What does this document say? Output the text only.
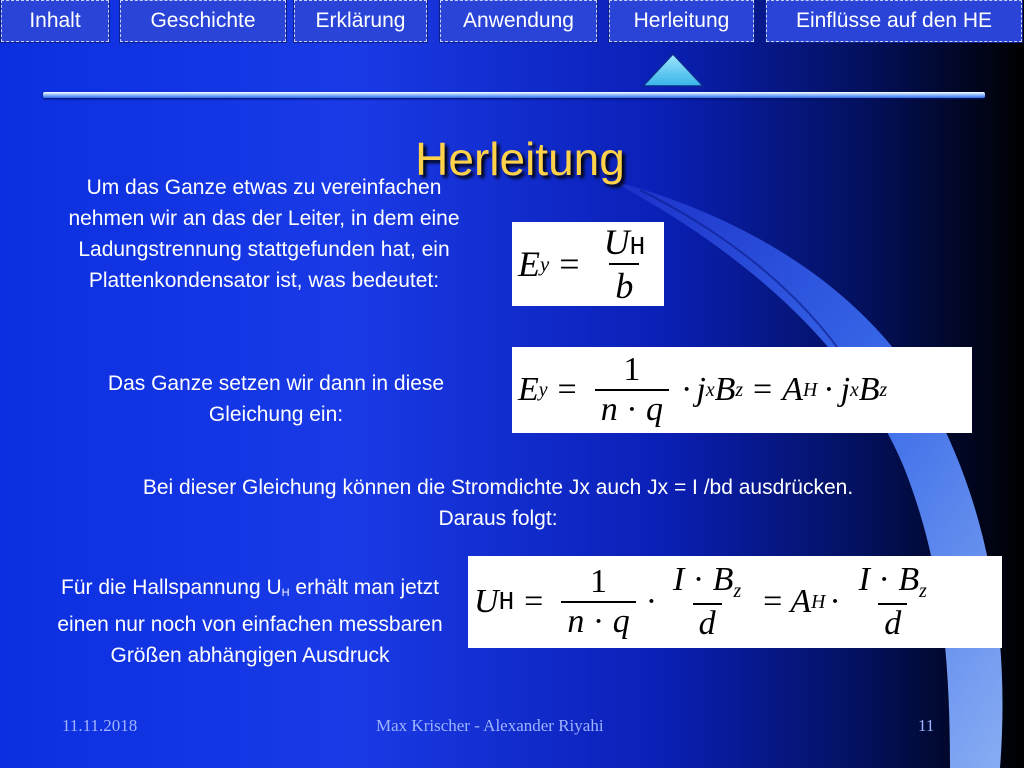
Inhalt	Geschichte	Erklärung	Anwendung	Herleitung	Einflüsse auf den HE
Herleitung
Um das Ganze etwas zu vereinfachen nehmen wir an das der Leiter, in dem eine Ladungstrennung stattgefunden hat, ein Plattenkondensator ist, was bedeutet:	E $y = \frac{UH}{b}$
Das Ganze setzen wir dann in diese Gleichung ein:
E $y = \frac{1}{n \cdot q} \cdot j$ x B z = A H · j x B z
Bei dieser Gleichung können die Stromdichte Jx auch Jx = I /bd ausdrücken. Daraus folgt:
Für die Hallspannung UH erhält man jetzt einen nur noch von einfachen messbaren Größen abhängigen Ausdruck
U $H = \frac{1}{n \cdot q} \cdot \frac{I \cdot B_z}{d} = A$ $H \cdot \frac{I \cdot B_z}{d}$
11.11.2018	Max Krischer - Alexander Riyahi	11
